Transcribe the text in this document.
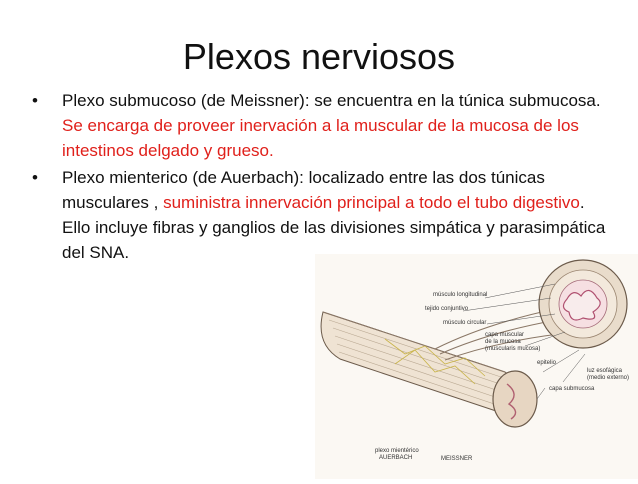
Plexos nerviosos
• Plexo submucoso (de Meissner): se encuentra en la túnica submucosa. Se encarga de proveer inervación a la muscular de la mucosa de los intestinos delgado y grueso.
• Plexo mienterico (de Auerbach): localizado entre las dos túnicas musculares , suministra innervación principal a todo el tubo digestivo. Ello incluye fibras y ganglios de las divisiones simpática y parasimpática del SNA.
músculo longitudinal
tejido conjuntivo
músculo circular
capa muscular
de la mucosa
(muscularis mucosa)
epitelio
luz esofágica
(medio externo)
capa submucosa
plexo mientérico
AUERBACH	MEISSNER
